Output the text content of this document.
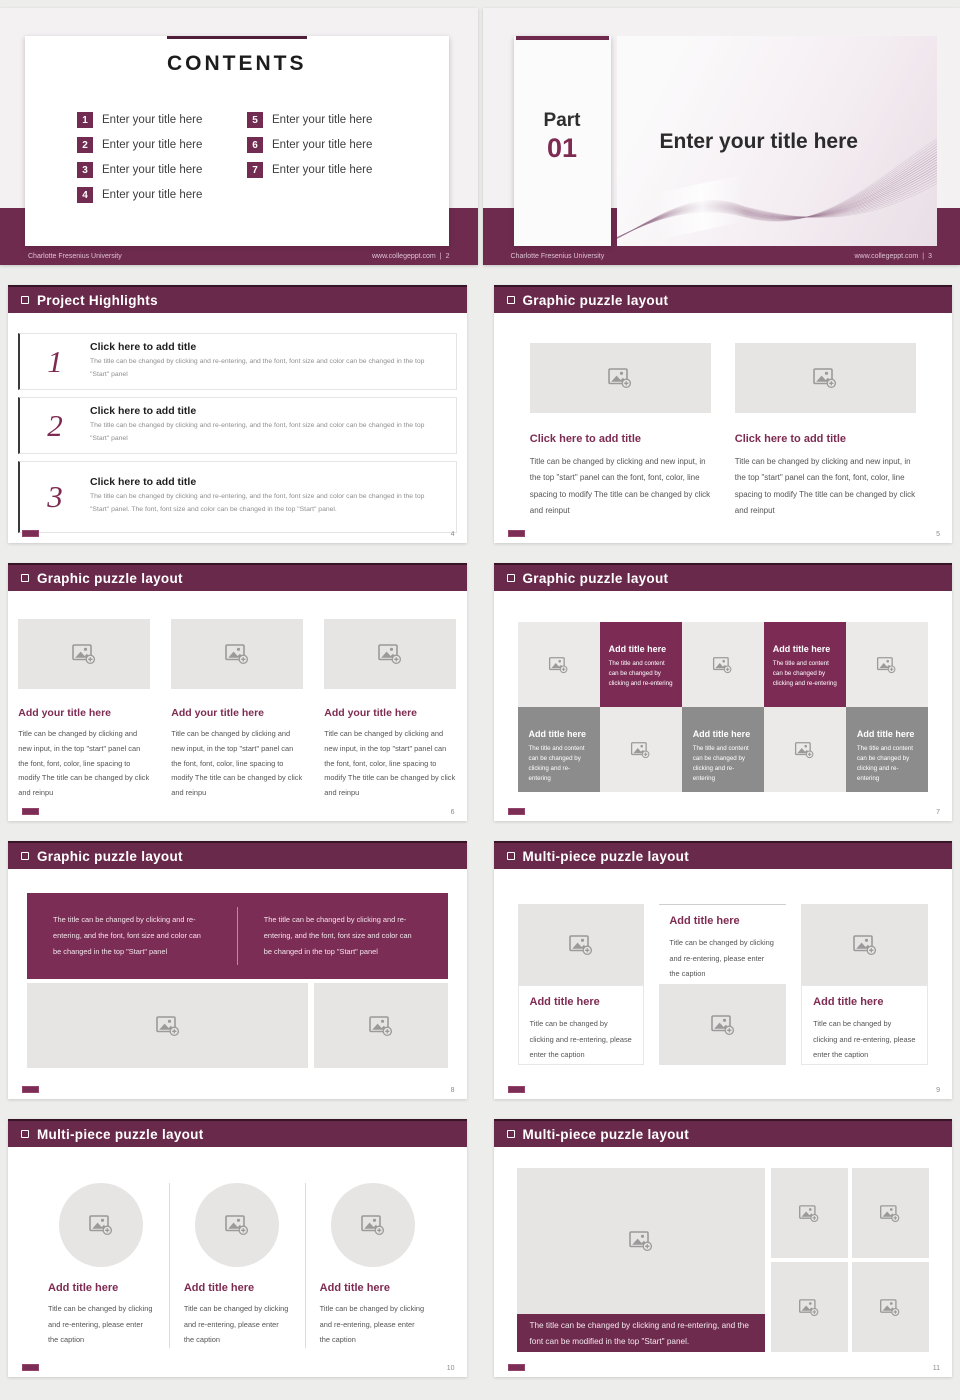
CONTENTS
1	Enter your title here
2	Enter your title here
3	Enter your title here
4	Enter your title here
5	Enter your title here
6	Enter your title here
7	Enter your title here
Charlotte Fresenius University	www.collegeppt.com | 2
Part
01	Enter your title here
Charlotte Fresenius University	www.collegeppt.com | 3
Project Highlights
1	Click here to add title
The title can be changed by clicking and re-entering, and the font, font size and color can be changed in the top "Start" panel
2	Click here to add title
The title can be changed by clicking and re-entering, and the font, font size and color can be changed in the top "Start" panel
3	Click here to add title
The title can be changed by clicking and re-entering, and the font, font size and color can be changed in the top "Start" panel. The font, font size and color can be changed in the top "Start" panel.
4
Graphic puzzle layout
Click here to add title
Title can be changed by clicking and new input, in the top "start" panel can the font, font, color, line spacing to modify The title can be changed by click and reinput
Click here to add title
Title can be changed by clicking and new input, in the top "start" panel can the font, font, color, line spacing to modify The title can be changed by click and reinput
5
Graphic puzzle layout
Add your title here
Title can be changed by clicking and new input, in the top "start" panel can the font, font, color, line spacing to modify The title can be changed by click and reinpu
Add your title here
Title can be changed by clicking and new input, in the top "start" panel can the font, font, color, line spacing to modify The title can be changed by click and reinpu
Add your title here
Title can be changed by clicking and new input, in the top "start" panel can the font, font, color, line spacing to modify The title can be changed by click and reinpu
6
Graphic puzzle layout
Add title here
The title and content can be changed by clicking and re-entering
Add title here
The title and content can be changed by clicking and re-entering
Add title here
The title and content can be changed by clicking and re-entering
Add title here
The title and content can be changed by clicking and re-entering
Add title here
The title and content can be changed by clicking and re-entering
7
Graphic puzzle layout
The title can be changed by clicking and re-entering, and the font, font size and color can be changed in the top "Start" panel
The title can be changed by clicking and re-entering, and the font, font size and color can be changed in the top "Start" panel
8
Multi-piece puzzle layout
Add title here
Title can be changed by clicking and re-entering, please enter the caption
Add title here
Title can be changed by clicking and re-entering, please enter the caption
Add title here
Title can be changed by clicking and re-entering, please enter the caption
9
Multi-piece puzzle layout
Add title here
Title can be changed by clicking and re-entering, please enter the caption
Add title here
Title can be changed by clicking and re-entering, please enter the caption
Add title here
Title can be changed by clicking and re-entering, please enter the caption
10
Multi-piece puzzle layout
The title can be changed by clicking and re-entering, and the font can be modified in the top "Start" panel.
11
